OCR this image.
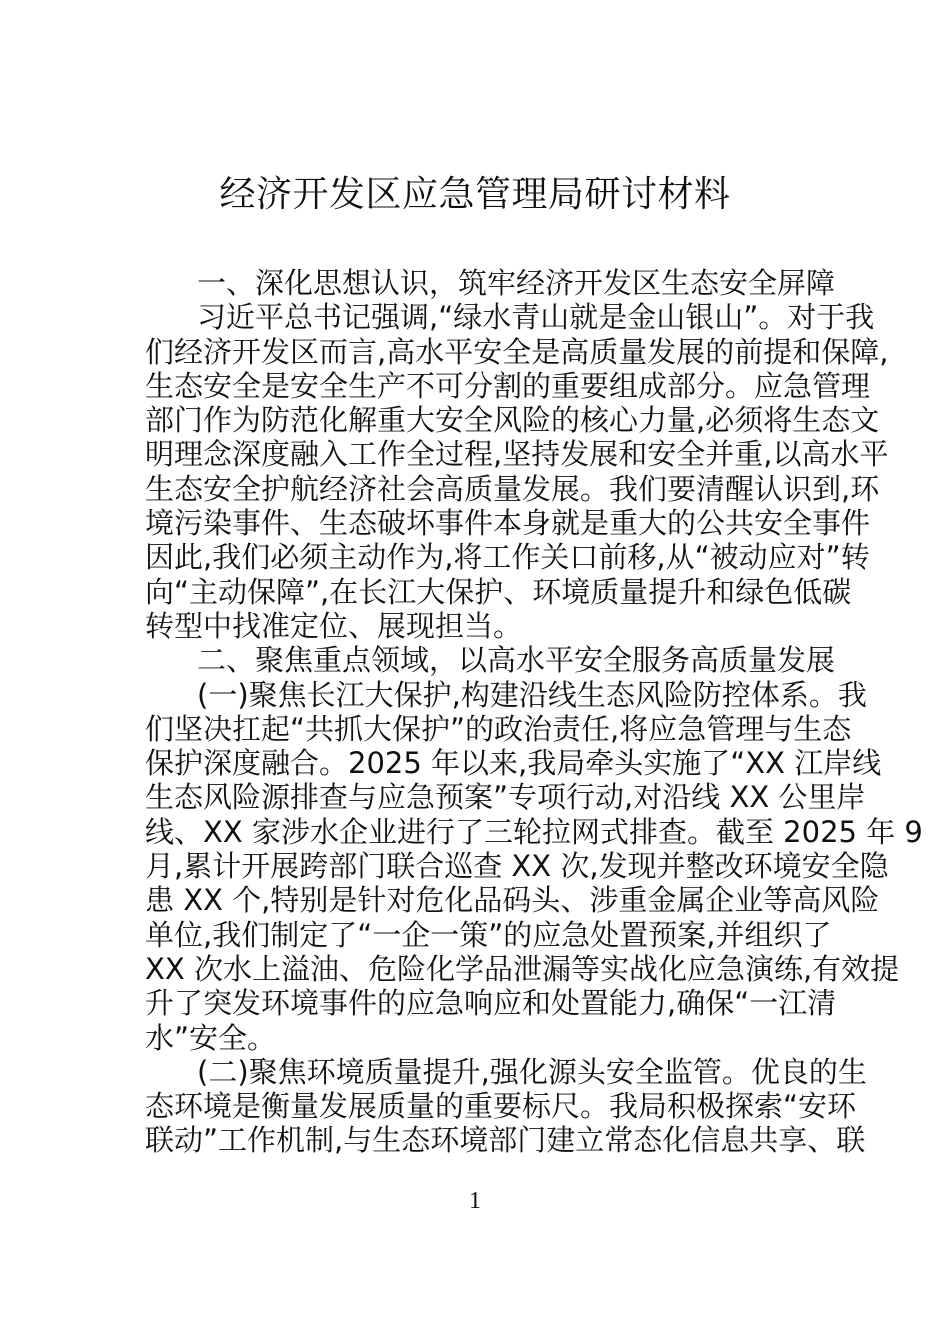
经济开发区应急管理局研讨材料
一、深化思想认识，筑牢经济开发区生态安全屏障
习近平总书记强调,“绿水青山就是金山银山”。对于我
们经济开发区而言,高水平安全是高质量发展的前提和保障,
生态安全是安全生产不可分割的重要组成部分。应急管理
部门作为防范化解重大安全风险的核心力量,必须将生态文
明理念深度融入工作全过程,坚持发展和安全并重,以高水平
生态安全护航经济社会高质量发展。我们要清醒认识到,环
境污染事件、生态破坏事件本身就是重大的公共安全事件
因此,我们必须主动作为,将工作关口前移,从“被动应对”转
向“主动保障”,在长江大保护、环境质量提升和绿色低碳
转型中找准定位、展现担当。
二、聚焦重点领域，以高水平安全服务高质量发展
(一)聚焦长江大保护,构建沿线生态风险防控体系。我
们坚决扛起“共抓大保护”的政治责任,将应急管理与生态
保护深度融合。2025 年以来,我局牵头实施了“XX 江岸线
生态风险源排查与应急预案”专项行动,对沿线 XX 公里岸
线、XX 家涉水企业进行了三轮拉网式排查。截至 2025 年 9
月,累计开展跨部门联合巡查 XX 次,发现并整改环境安全隐
患 XX 个,特别是针对危化品码头、涉重金属企业等高风险
单位,我们制定了“一企一策”的应急处置预案,并组织了
XX 次水上溢油、危险化学品泄漏等实战化应急演练,有效提
升了突发环境事件的应急响应和处置能力,确保“一江清
水”安全。
(二)聚焦环境质量提升,强化源头安全监管。优良的生
态环境是衡量发展质量的重要标尺。我局积极探索“安环
联动”工作机制,与生态环境部门建立常态化信息共享、联
1
